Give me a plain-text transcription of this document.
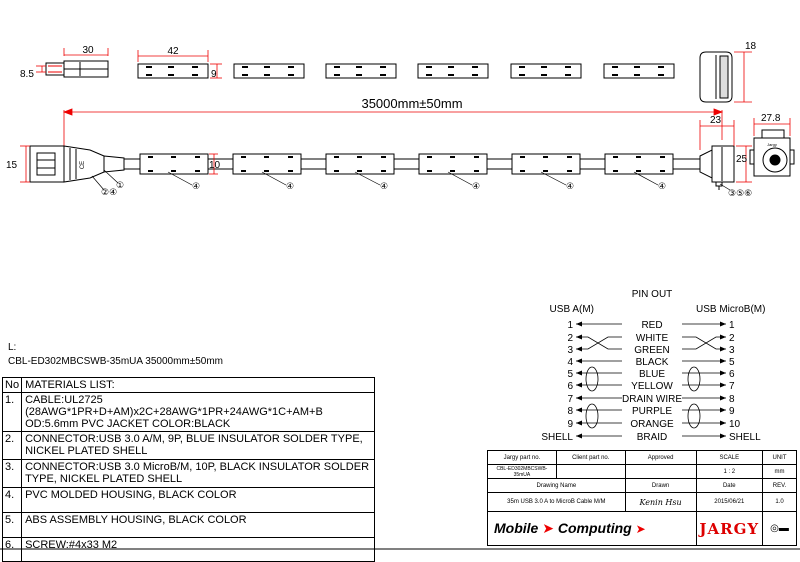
30
8.5
42
9
18
35000mm±50mm
CE
15	10
Jargy
23	27.8
25
①
②④
④	④	④	④	④	④
③⑤⑥
PIN OUT
USB A(M)	USB MicroB(M)
1	RED	1
2	WHITE	2
3	GREEN	3
4	BLACK	5
5	BLUE	6
6	YELLOW	7
7	DRAIN WIRE	8
8	PURPLE	9
9	ORANGE	10
SHELL	BRAID	SHELL
L:
CBL-ED302MBCSWB-35mUA 35000mm±50mm
No	MATERIALS LIST:
1.	CABLE:UL2725 (28AWG*1PR+D+AM)x2C+28AWG*1PR+24AWG*1C+AM+B OD:5.6mm PVC JACKET COLOR:BLACK
2.	CONNECTOR:USB 3.0 A/M, 9P, BLUE INSULATOR SOLDER TYPE, NICKEL PLATED SHELL
3.	CONNECTOR:USB 3.0 MicroB/M, 10P, BLACK INSULATOR SOLDER TYPE, NICKEL PLATED SHELL
4.	PVC MOLDED HOUSING, BLACK COLOR
5.	ABS ASSEMBLY HOUSING, BLACK COLOR
6.	SCREW:#4x33 M2
Jargy part no.	Client part no.	Approved	SCALE	UNIT
CBL-ED302MBCSWB-35mUA			1 : 2	mm
Drawing Name		Drawn	Date	REV.
35m USB 3.0 A to MicroB Cable M/M		Kenin Hsu	2015/06/21	1.0
Mobile ➤ Computing ➤			JARGY	◎▬
